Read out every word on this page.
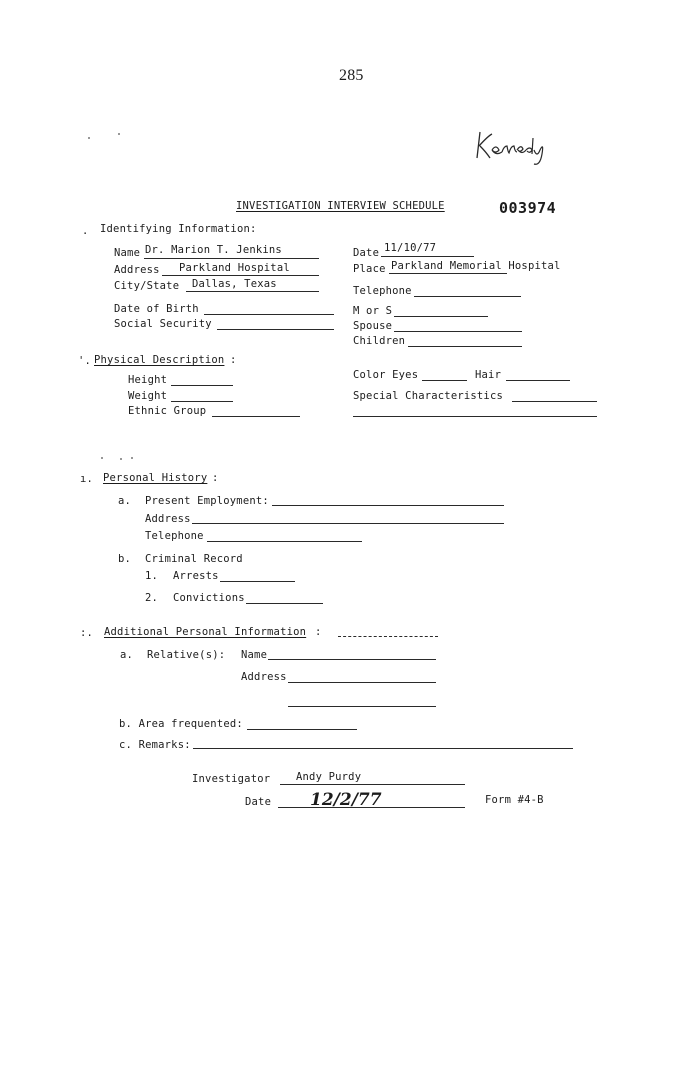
285
INVESTIGATION INTERVIEW SCHEDULE	003974
. Identifying Information:
Name Dr. Marion T. Jenkins
Address Parkland Hospital
City/State Dallas, Texas
Date of Birth
Social Security
Date 11/10/77
Place Parkland Memorial Hospital
Telephone
M or S
Spouse
Children
'. Physical Description :
Height
Weight
Ethnic Group
Color Eyes	Hair
Special Characteristics
ı. Personal History :
a. Present Employment:
Address
Telephone
b. Criminal Record
1. Arrests
2. Convictions
:. Additional Personal Information :
a. Relative(s): Name
Address
b. Area frequented:
c. Remarks:
Investigator Andy Purdy
Date 12/2/77	Form #4-B
